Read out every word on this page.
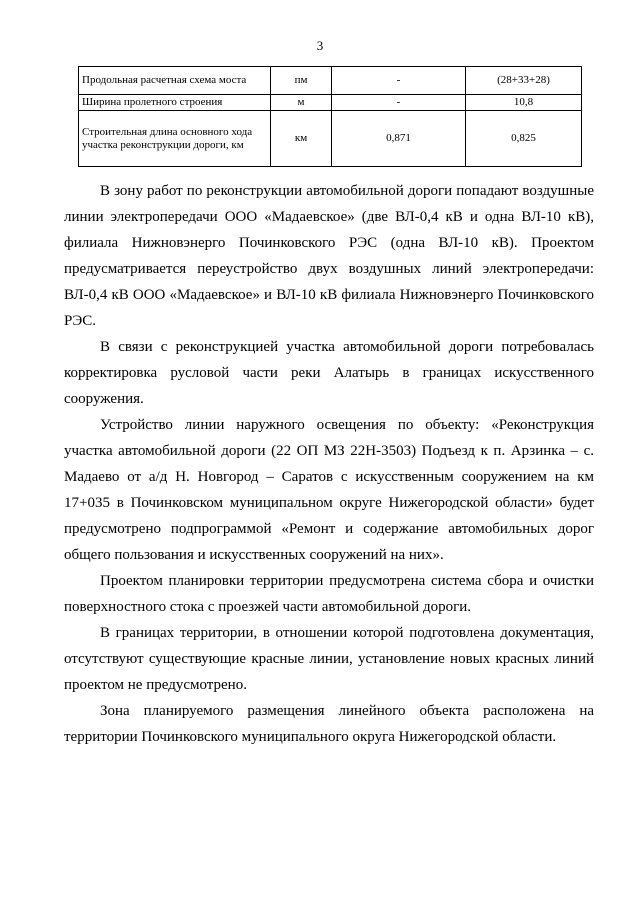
3
Продольная расчетная схема моста	пм	-	(28+33+28)
Ширина пролетного строения	м	-	10,8
Строительная длина основного хода участка реконструкции дороги, км	км	0,871	0,825

В зону работ по реконструкции автомобильной дороги попадают воздушные линии электропередачи ООО «Мадаевское» (две ВЛ-0,4 кВ и одна ВЛ-10 кВ), филиала Нижновэнерго Починковского РЭС (одна ВЛ-10 кВ). Проектом предусматривается переустройство двух воздушных линий электропередачи: ВЛ-0,4 кВ ООО «Мадаевское» и ВЛ-10 кВ филиала Нижновэнерго Починковского РЭС.

В связи с реконструкцией участка автомобильной дороги потребовалась корректировка русловой части реки Алатырь в границах искусственного сооружения.

Устройство линии наружного освещения по объекту: «Реконструкция участка автомобильной дороги (22 ОП МЗ 22Н-3503) Подъезд к п. Арзинка – с. Мадаево от а/д Н. Новгород – Саратов с искусственным сооружением на км 17+035 в Починковском муниципальном округе Нижегородской области» будет предусмотрено подпрограммой «Ремонт и содержание автомобильных дорог общего пользования и искусственных сооружений на них».

Проектом планировки территории предусмотрена система сбора и очистки поверхностного стока с проезжей части автомобильной дороги.

В границах территории, в отношении которой подготовлена документация, отсутствуют существующие красные линии, установление новых красных линий проектом не предусмотрено.

Зона планируемого размещения линейного объекта расположена на территории Починковского муниципального округа Нижегородской области.
